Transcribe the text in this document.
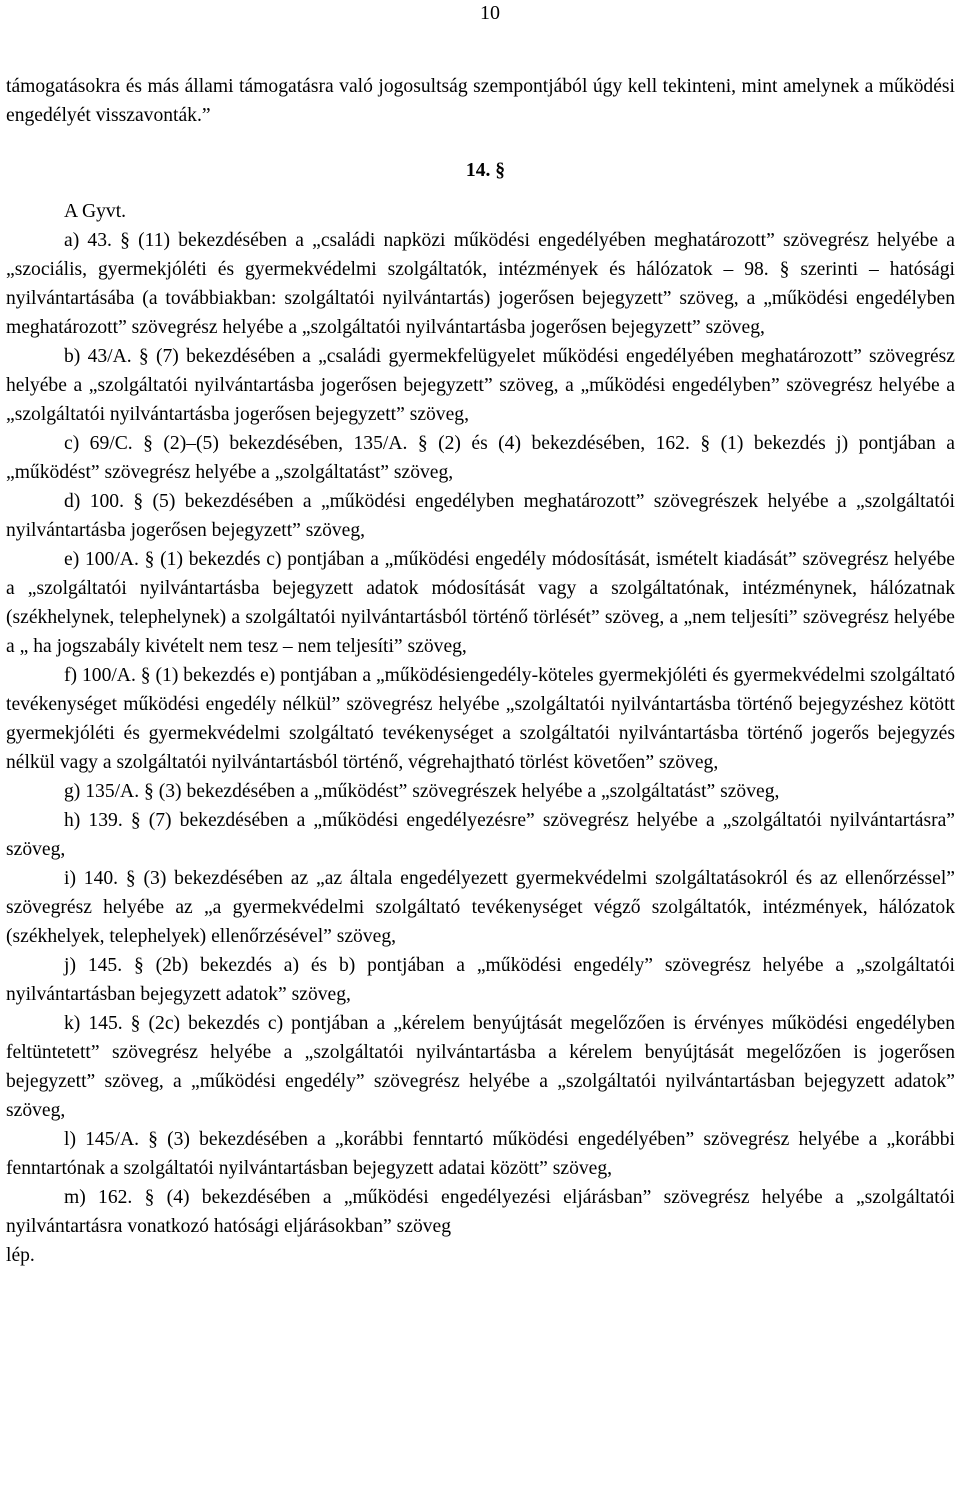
10

támogatásokra és más állami támogatásra való jogosultság szempontjából úgy kell tekinteni, mint amelynek a működési engedélyét visszavonták.”

14. §
A Gyvt.

a) 43. § (11) bekezdésében a „családi napközi működési engedélyében meghatározott” szövegrész helyébe a „szociális, gyermekjóléti és gyermekvédelmi szolgáltatók, intézmények és hálózatok ‒ 98. § szerinti ‒ hatósági nyilvántartásába (a továbbiakban: szolgáltatói nyilvántartás) jogerősen bejegyzett” szöveg, a „működési engedélyben meghatározott” szövegrész helyébe a „szolgáltatói nyilvántartásba jogerősen bejegyzett” szöveg,

b) 43/A. § (7) bekezdésében a „családi gyermekfelügyelet működési engedélyében meghatározott” szövegrész helyébe a „szolgáltatói nyilvántartásba jogerősen bejegyzett” szöveg, a „működési engedélyben” szövegrész helyébe a „szolgáltatói nyilvántartásba jogerősen bejegyzett” szöveg,

c) 69/C. § (2)–(5) bekezdésében, 135/A. § (2) és (4) bekezdésében, 162. § (1) bekezdés j) pontjában a „működést” szövegrész helyébe a „szolgáltatást” szöveg,

d) 100. § (5) bekezdésében a „működési engedélyben meghatározott” szövegrészek helyébe a „szolgáltatói nyilvántartásba jogerősen bejegyzett” szöveg,

e) 100/A. § (1) bekezdés c) pontjában a „működési engedély módosítását, ismételt kiadását” szövegrész helyébe a „szolgáltatói nyilvántartásba bejegyzett adatok módosítását vagy a szolgáltatónak, intézménynek, hálózatnak (székhelynek, telephelynek) a szolgáltatói nyilvántartásból történő törlését” szöveg, a „nem teljesíti” szövegrész helyébe a „ ha jogszabály kivételt nem tesz ‒ nem teljesíti” szöveg,

f) 100/A. § (1) bekezdés e) pontjában a „működésiengedély-köteles gyermekjóléti és gyermekvédelmi szolgáltató tevékenységet működési engedély nélkül” szövegrész helyébe „szolgáltatói nyilvántartásba történő bejegyzéshez kötött gyermekjóléti és gyermekvédelmi szolgáltató tevékenységet a szolgáltatói nyilvántartásba történő jogerős bejegyzés nélkül vagy a szolgáltatói nyilvántartásból történő, végrehajtható törlést követően” szöveg,

g) 135/A. § (3) bekezdésében a „működést” szövegrészek helyébe a „szolgáltatást” szöveg,

h) 139. § (7) bekezdésében a „működési engedélyezésre” szövegrész helyébe a „szolgáltatói nyilvántartásra” szöveg,

i) 140. § (3) bekezdésében az „az általa engedélyezett gyermekvédelmi szolgáltatásokról és az ellenőrzéssel” szövegrész helyébe az „a gyermekvédelmi szolgáltató tevékenységet végző szolgáltatók, intézmények, hálózatok (székhelyek, telephelyek) ellenőrzésével” szöveg,

j) 145. § (2b) bekezdés a) és b) pontjában a „működési engedély” szövegrész helyébe a „szolgáltatói nyilvántartásban bejegyzett adatok” szöveg,

k) 145. § (2c) bekezdés c) pontjában a „kérelem benyújtását megelőzően is érvényes működési engedélyben feltüntetett” szövegrész helyébe a „szolgáltatói nyilvántartásba a kérelem benyújtását megelőzően is jogerősen bejegyzett” szöveg, a „működési engedély” szövegrész helyébe a „szolgáltatói nyilvántartásban bejegyzett adatok” szöveg,

l) 145/A. § (3) bekezdésében a „korábbi fenntartó működési engedélyében” szövegrész helyébe a „korábbi fenntartónak a szolgáltatói nyilvántartásban bejegyzett adatai között” szöveg,

m) 162. § (4) bekezdésében a „működési engedélyezési eljárásban” szövegrész helyébe a „szolgáltatói nyilvántartásra vonatkozó hatósági eljárásokban” szöveg

lép.
